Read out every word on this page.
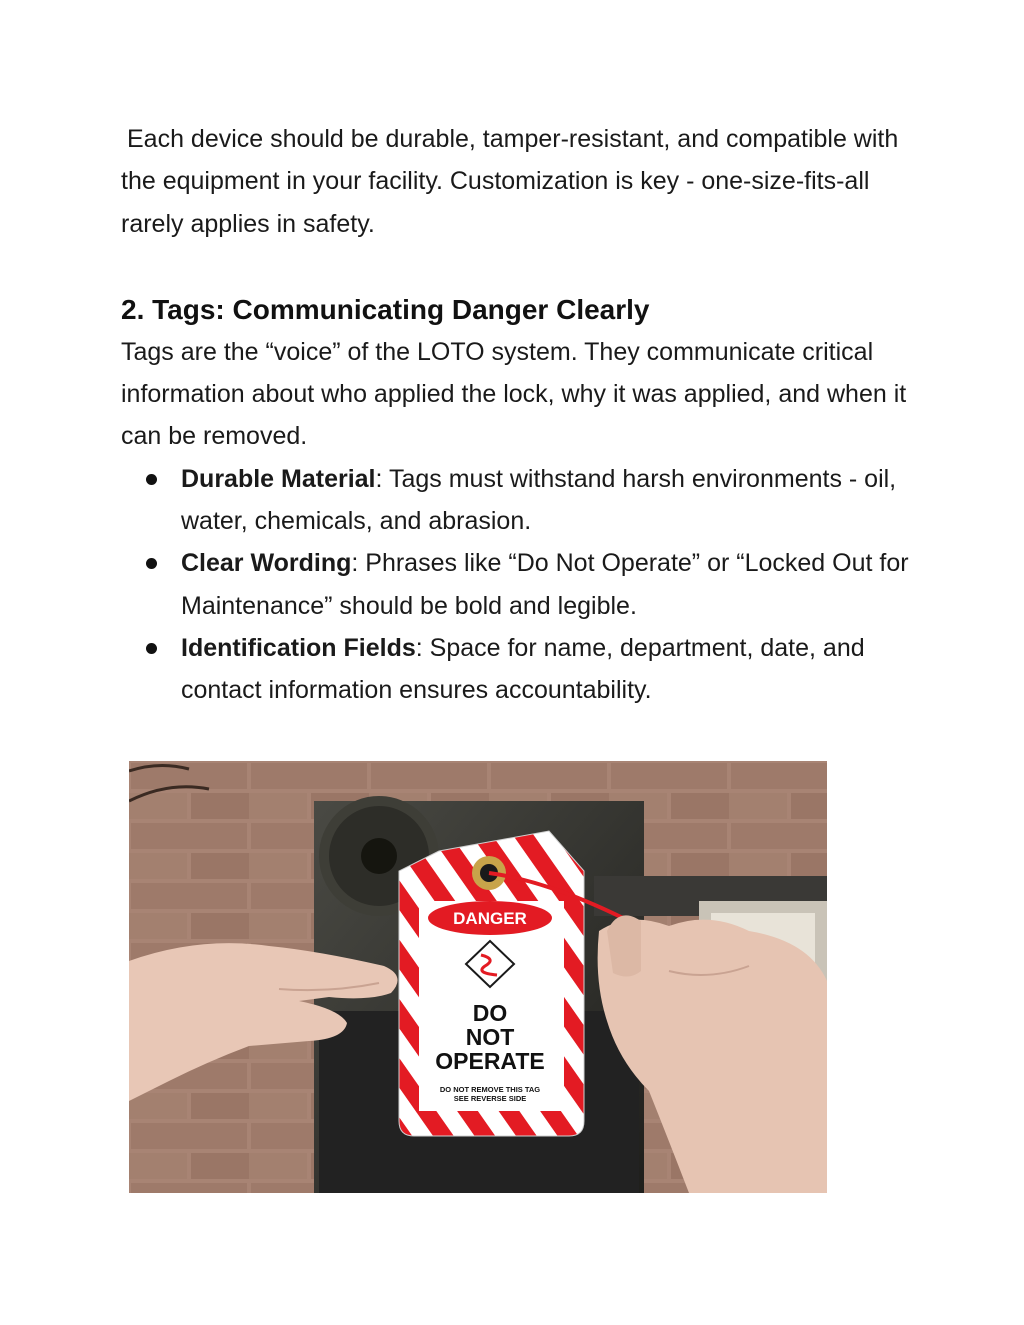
Each device should be durable, tamper-resistant, and compatible with the equipment in your facility. Customization is key - one-size-fits-all rarely applies in safety.

2. Tags: Communicating Danger Clearly

Tags are the “voice” of the LOTO system. They communicate critical information about who applied the lock, why it was applied, and when it can be removed.

Durable Material: Tags must withstand harsh environments - oil, water, chemicals, and abrasion.
Clear Wording: Phrases like “Do Not Operate” or “Locked Out for Maintenance” should be bold and legible.
Identification Fields: Space for name, department, date, and contact information ensures accountability.
DANGER
DO
NOT
OPERATE
DO NOT REMOVE THIS TAG
SEE REVERSE SIDE
